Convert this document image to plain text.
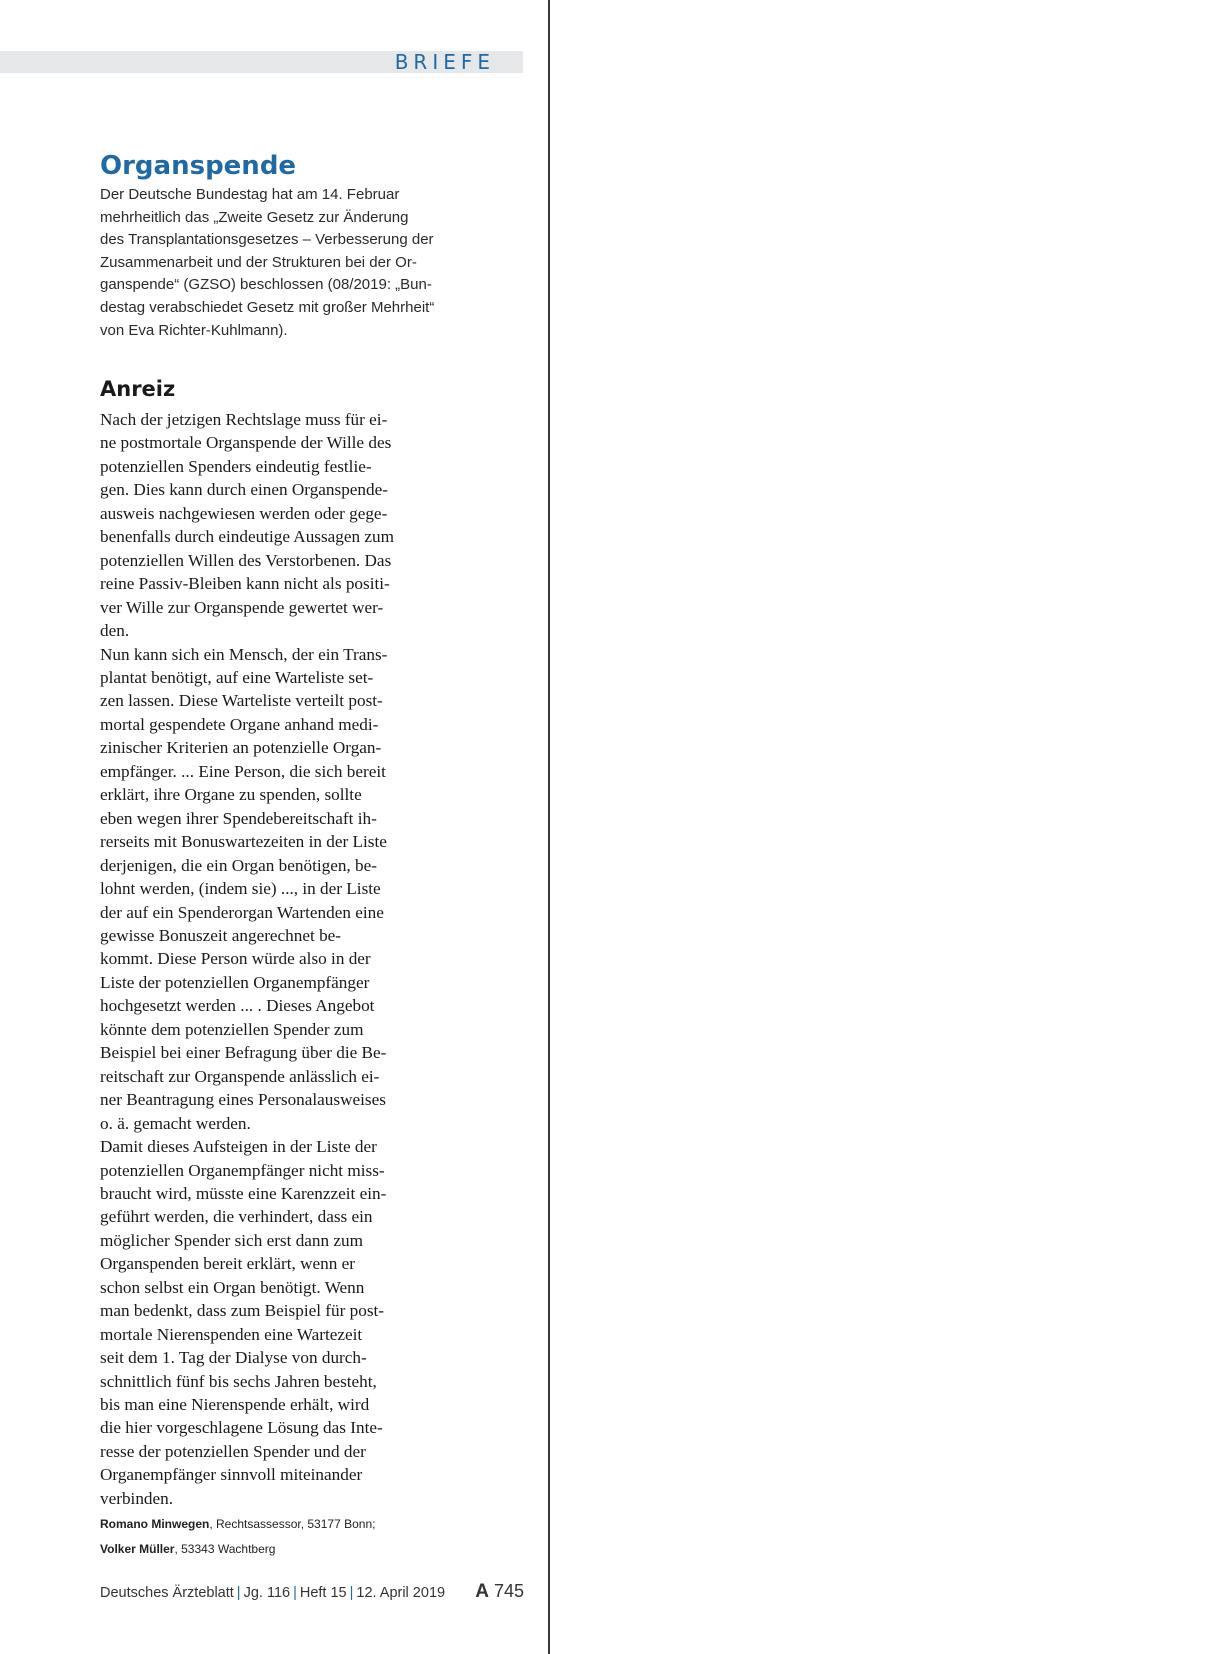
BRIEFE
Organspende
Der Deutsche Bundestag hat am 14. Februar
mehrheitlich das „Zweite Gesetz zur Änderung
des Transplantationsgesetzes – Verbesserung der
Zusammenarbeit und der Strukturen bei der Or-
ganspende“ (GZSO) beschlossen (08/2019: „Bun-
destag verabschiedet Gesetz mit großer Mehrheit“
von Eva Richter-Kuhlmann).
Anreiz
Nach der jetzigen Rechtslage muss für ei-
ne postmortale Organspende der Wille des
potenziellen Spenders eindeutig festlie-
gen. Dies kann durch einen Organspende-
ausweis nachgewiesen werden oder gege-
benenfalls durch eindeutige Aussagen zum
potenziellen Willen des Verstorbenen. Das
reine Passiv-Bleiben kann nicht als positi-
ver Wille zur Organspende gewertet wer-
den.
Nun kann sich ein Mensch, der ein Trans-
plantat benötigt, auf eine Warteliste set-
zen lassen. Diese Warteliste verteilt post-
mortal gespendete Organe anhand medi-
zinischer Kriterien an potenzielle Organ-
empfänger. ... Eine Person, die sich bereit
erklärt, ihre Organe zu spenden, sollte
eben wegen ihrer Spendebereitschaft ih-
rerseits mit Bonuswartezeiten in der Liste
derjenigen, die ein Organ benötigen, be-
lohnt werden, (indem sie) ..., in der Liste
der auf ein Spenderorgan Wartenden eine
gewisse Bonuszeit angerechnet be-
kommt. Diese Person würde also in der
Liste der potenziellen Organempfänger
hochgesetzt werden ... . Dieses Angebot
könnte dem potenziellen Spender zum
Beispiel bei einer Befragung über die Be-
reitschaft zur Organspende anlässlich ei-
ner Beantragung eines Personalausweises
o. ä. gemacht werden.
Damit dieses Aufsteigen in der Liste der
potenziellen Organempfänger nicht miss-
braucht wird, müsste eine Karenzzeit ein-
geführt werden, die verhindert, dass ein
möglicher Spender sich erst dann zum
Organspenden bereit erklärt, wenn er
schon selbst ein Organ benötigt. Wenn
man bedenkt, dass zum Beispiel für post-
mortale Nierenspenden eine Wartezeit
seit dem 1. Tag der Dialyse von durch-
schnittlich fünf bis sechs Jahren besteht,
bis man eine Nierenspende erhält, wird
die hier vorgeschlagene Lösung das Inte-
resse der potenziellen Spender und der
Organempfänger sinnvoll miteinander
verbinden.
Romano Minwegen, Rechtsassessor, 53177 Bonn;
Volker Müller, 53343 Wachtberg
Deutsches Ärzteblatt | Jg. 116 | Heft 15 | 12. April 2019 A 745
